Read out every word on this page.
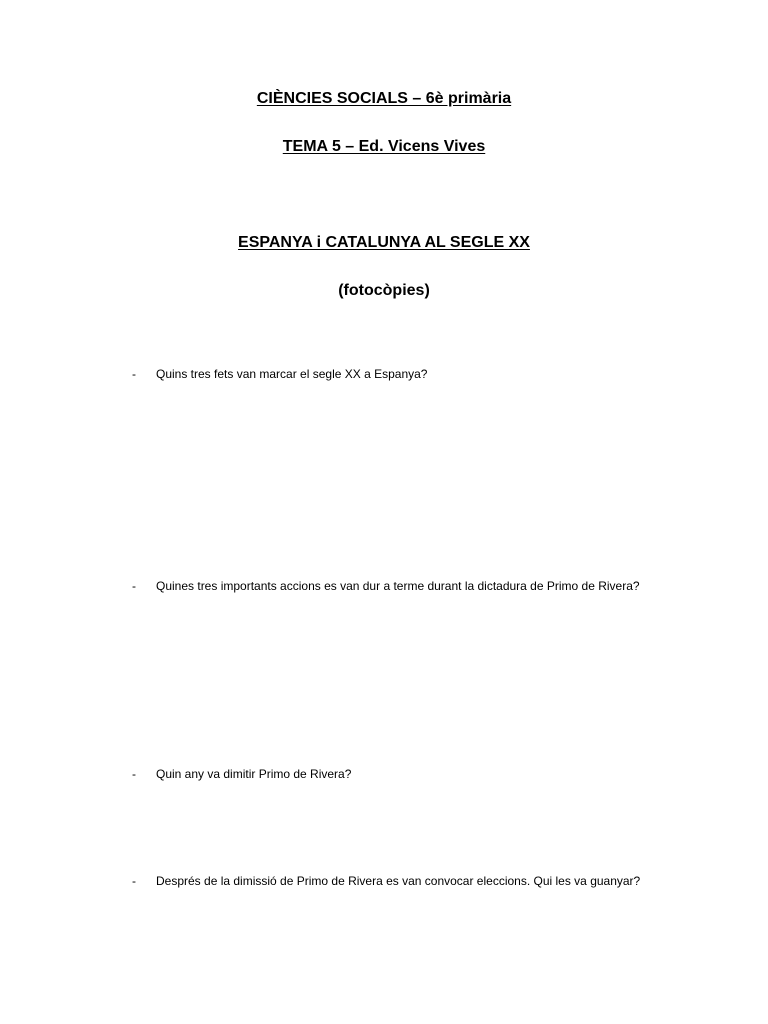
CIÈNCIES SOCIALS – 6è primària
TEMA 5 – Ed. Vicens Vives
ESPANYA i CATALUNYA AL SEGLE XX
(fotocòpies)
- Quins tres fets van marcar el segle XX a Espanya?
- Quines tres importants accions es van dur a terme durant la dictadura de Primo de Rivera?
- Quin any va dimitir Primo de Rivera?
- Després de la dimissió de Primo de Rivera es van convocar eleccions. Qui les va guanyar?
